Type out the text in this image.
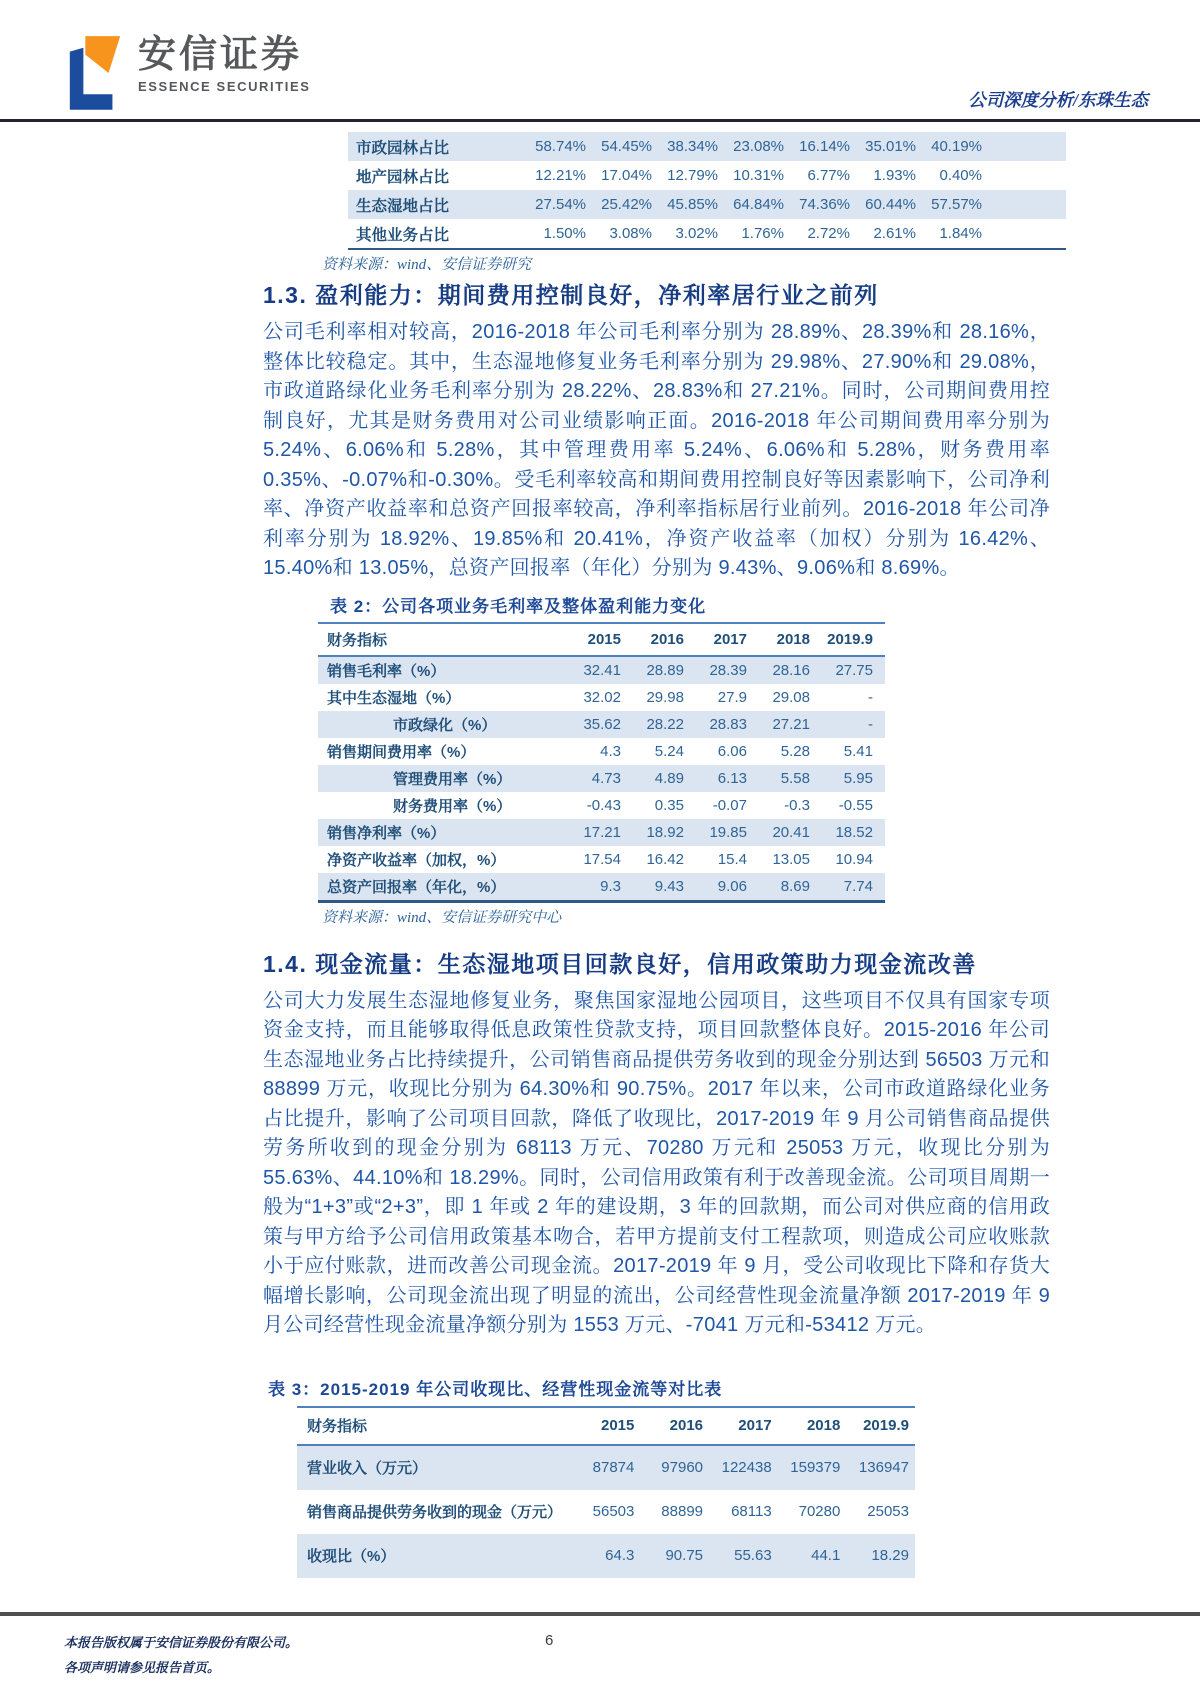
安信证券
ESSENCE SECURITIES
公司深度分析/东珠生态
市政园林占比	58.74%	54.45%	38.34%	23.08%	16.14%	35.01%	40.19%
地产园林占比	12.21%	17.04%	12.79%	10.31%	6.77%	1.93%	0.40%
生态湿地占比	27.54%	25.42%	45.85%	64.84%	74.36%	60.44%	57.57%
其他业务占比	1.50%	3.08%	3.02%	1.76%	2.72%	2.61%	1.84%
资料来源：wind、安信证券研究
1.3. 盈利能力：期间费用控制良好，净利率居行业之前列

公司毛利率相对较高，2016-2018 年公司毛利率分别为 28.89%、28.39%和 28.16%，整体比较稳定。其中，生态湿地修复业务毛利率分别为 29.98%、27.90%和 29.08%，市政道路绿化业务毛利率分别为 28.22%、28.83%和 27.21%。同时，公司期间费用控制良好，尤其是财务费用对公司业绩影响正面。2016-2018 年公司期间费用率分别为 5.24%、6.06%和 5.28%，其中管理费用率 5.24%、6.06%和 5.28%，财务费用率 0.35%、-0.07%和-0.30%。受毛利率较高和期间费用控制良好等因素影响下，公司净利率、净资产收益率和总资产回报率较高，净利率指标居行业前列。2016-2018 年公司净利率分别为 18.92%、19.85%和 20.41%，净资产收益率（加权）分别为 16.42%、15.40%和 13.05%，总资产回报率（年化）分别为 9.43%、9.06%和 8.69%。

表 2：公司各项业务毛利率及整体盈利能力变化
财务指标	2015	2016	2017	2018	2019.9
销售毛利率（%）	32.41	28.89	28.39	28.16	27.75
其中生态湿地（%）	32.02	29.98	27.9	29.08	-
市政绿化（%）	35.62	28.22	28.83	27.21	-
销售期间费用率（%）	4.3	5.24	6.06	5.28	5.41
管理费用率（%）	4.73	4.89	6.13	5.58	5.95
财务费用率（%）	-0.43	0.35	-0.07	-0.3	-0.55
销售净利率（%）	17.21	18.92	19.85	20.41	18.52
净资产收益率（加权，%）	17.54	16.42	15.4	13.05	10.94
总资产回报率（年化，%）	9.3	9.43	9.06	8.69	7.74
资料来源：wind、安信证券研究中心
1.4. 现金流量：生态湿地项目回款良好，信用政策助力现金流改善

公司大力发展生态湿地修复业务，聚焦国家湿地公园项目，这些项目不仅具有国家专项资金支持，而且能够取得低息政策性贷款支持，项目回款整体良好。2015-2016 年公司生态湿地业务占比持续提升，公司销售商品提供劳务收到的现金分别达到 56503 万元和 88899 万元，收现比分别为 64.30%和 90.75%。2017 年以来，公司市政道路绿化业务占比提升，影响了公司项目回款，降低了收现比，2017-2019 年 9 月公司销售商品提供劳务所收到的现金分别为 68113 万元、70280 万元和 25053 万元，收现比分别为 55.63%、44.10%和 18.29%。同时，公司信用政策有利于改善现金流。公司项目周期一般为“1+3”或“2+3”，即 1 年或 2 年的建设期，3 年的回款期，而公司对供应商的信用政策与甲方给予公司信用政策基本吻合，若甲方提前支付工程款项，则造成公司应收账款小于应付账款，进而改善公司现金流。2017-2019 年 9 月，受公司收现比下降和存货大幅增长影响，公司现金流出现了明显的流出，公司经营性现金流量净额 2017-2019 年 9 月公司经营性现金流量净额分别为 1553 万元、-7041 万元和-53412 万元。

表 3：2015-2019 年公司收现比、经营性现金流等对比表
财务指标	2015	2016	2017	2018	2019.9
营业收入（万元）	87874	97960	122438	159379	136947
销售商品提供劳务收到的现金（万元）	56503	88899	68113	70280	25053
收现比（%）	64.3	90.75	55.63	44.1	18.29
本报告版权属于安信证券股份有限公司。
各项声明请参见报告首页。
6
